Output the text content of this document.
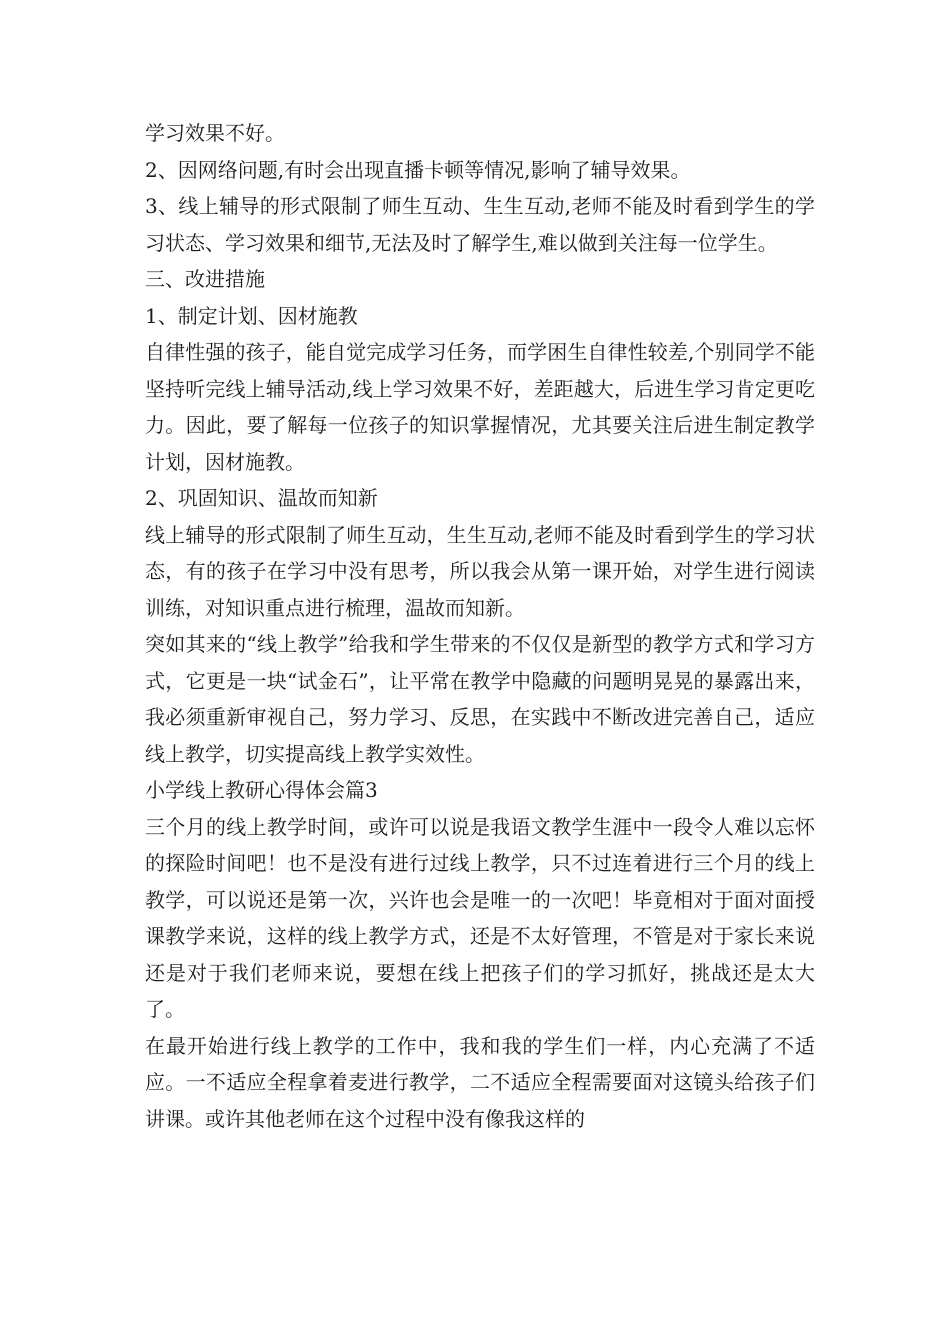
学习效果不好。

2、因网络问题,有时会出现直播卡顿等情况,影响了辅导效果。

3、线上辅导的形式限制了师生互动、生生互动,老师不能及时看到学生的学习状态、学习效果和细节,无法及时了解学生,难以做到关注每一位学生。

三、改进措施

1、制定计划、因材施教

自律性强的孩子，能自觉完成学习任务，而学困生自律性较差,个别同学不能坚持听完线上辅导活动,线上学习效果不好，差距越大，后进生学习肯定更吃力。因此，要了解每一位孩子的知识掌握情况，尤其要关注后进生制定教学计划，因材施教。

2、巩固知识、温故而知新

线上辅导的形式限制了师生互动，生生互动,老师不能及时看到学生的学习状态，有的孩子在学习中没有思考，所以我会从第一课开始，对学生进行阅读训练，对知识重点进行梳理，温故而知新。

突如其来的“线上教学”给我和学生带来的不仅仅是新型的教学方式和学习方式，它更是一块“试金石”，让平常在教学中隐藏的问题明晃晃的暴露出来，我必须重新审视自己，努力学习、反思，在实践中不断改进完善自己，适应线上教学，切实提高线上教学实效性。

小学线上教研心得体会篇3

三个月的线上教学时间，或许可以说是我语文教学生涯中一段令人难以忘怀的探险时间吧！也不是没有进行过线上教学，只不过连着进行三个月的线上教学，可以说还是第一次，兴许也会是唯一的一次吧！毕竟相对于面对面授课教学来说，这样的线上教学方式，还是不太好管理，不管是对于家长来说还是对于我们老师来说，要想在线上把孩子们的学习抓好，挑战还是太大了。

在最开始进行线上教学的工作中，我和我的学生们一样，内心充满了不适应。一不适应全程拿着麦进行教学，二不适应全程需要面对这镜头给孩子们讲课。或许其他老师在这个过程中没有像我这样的
